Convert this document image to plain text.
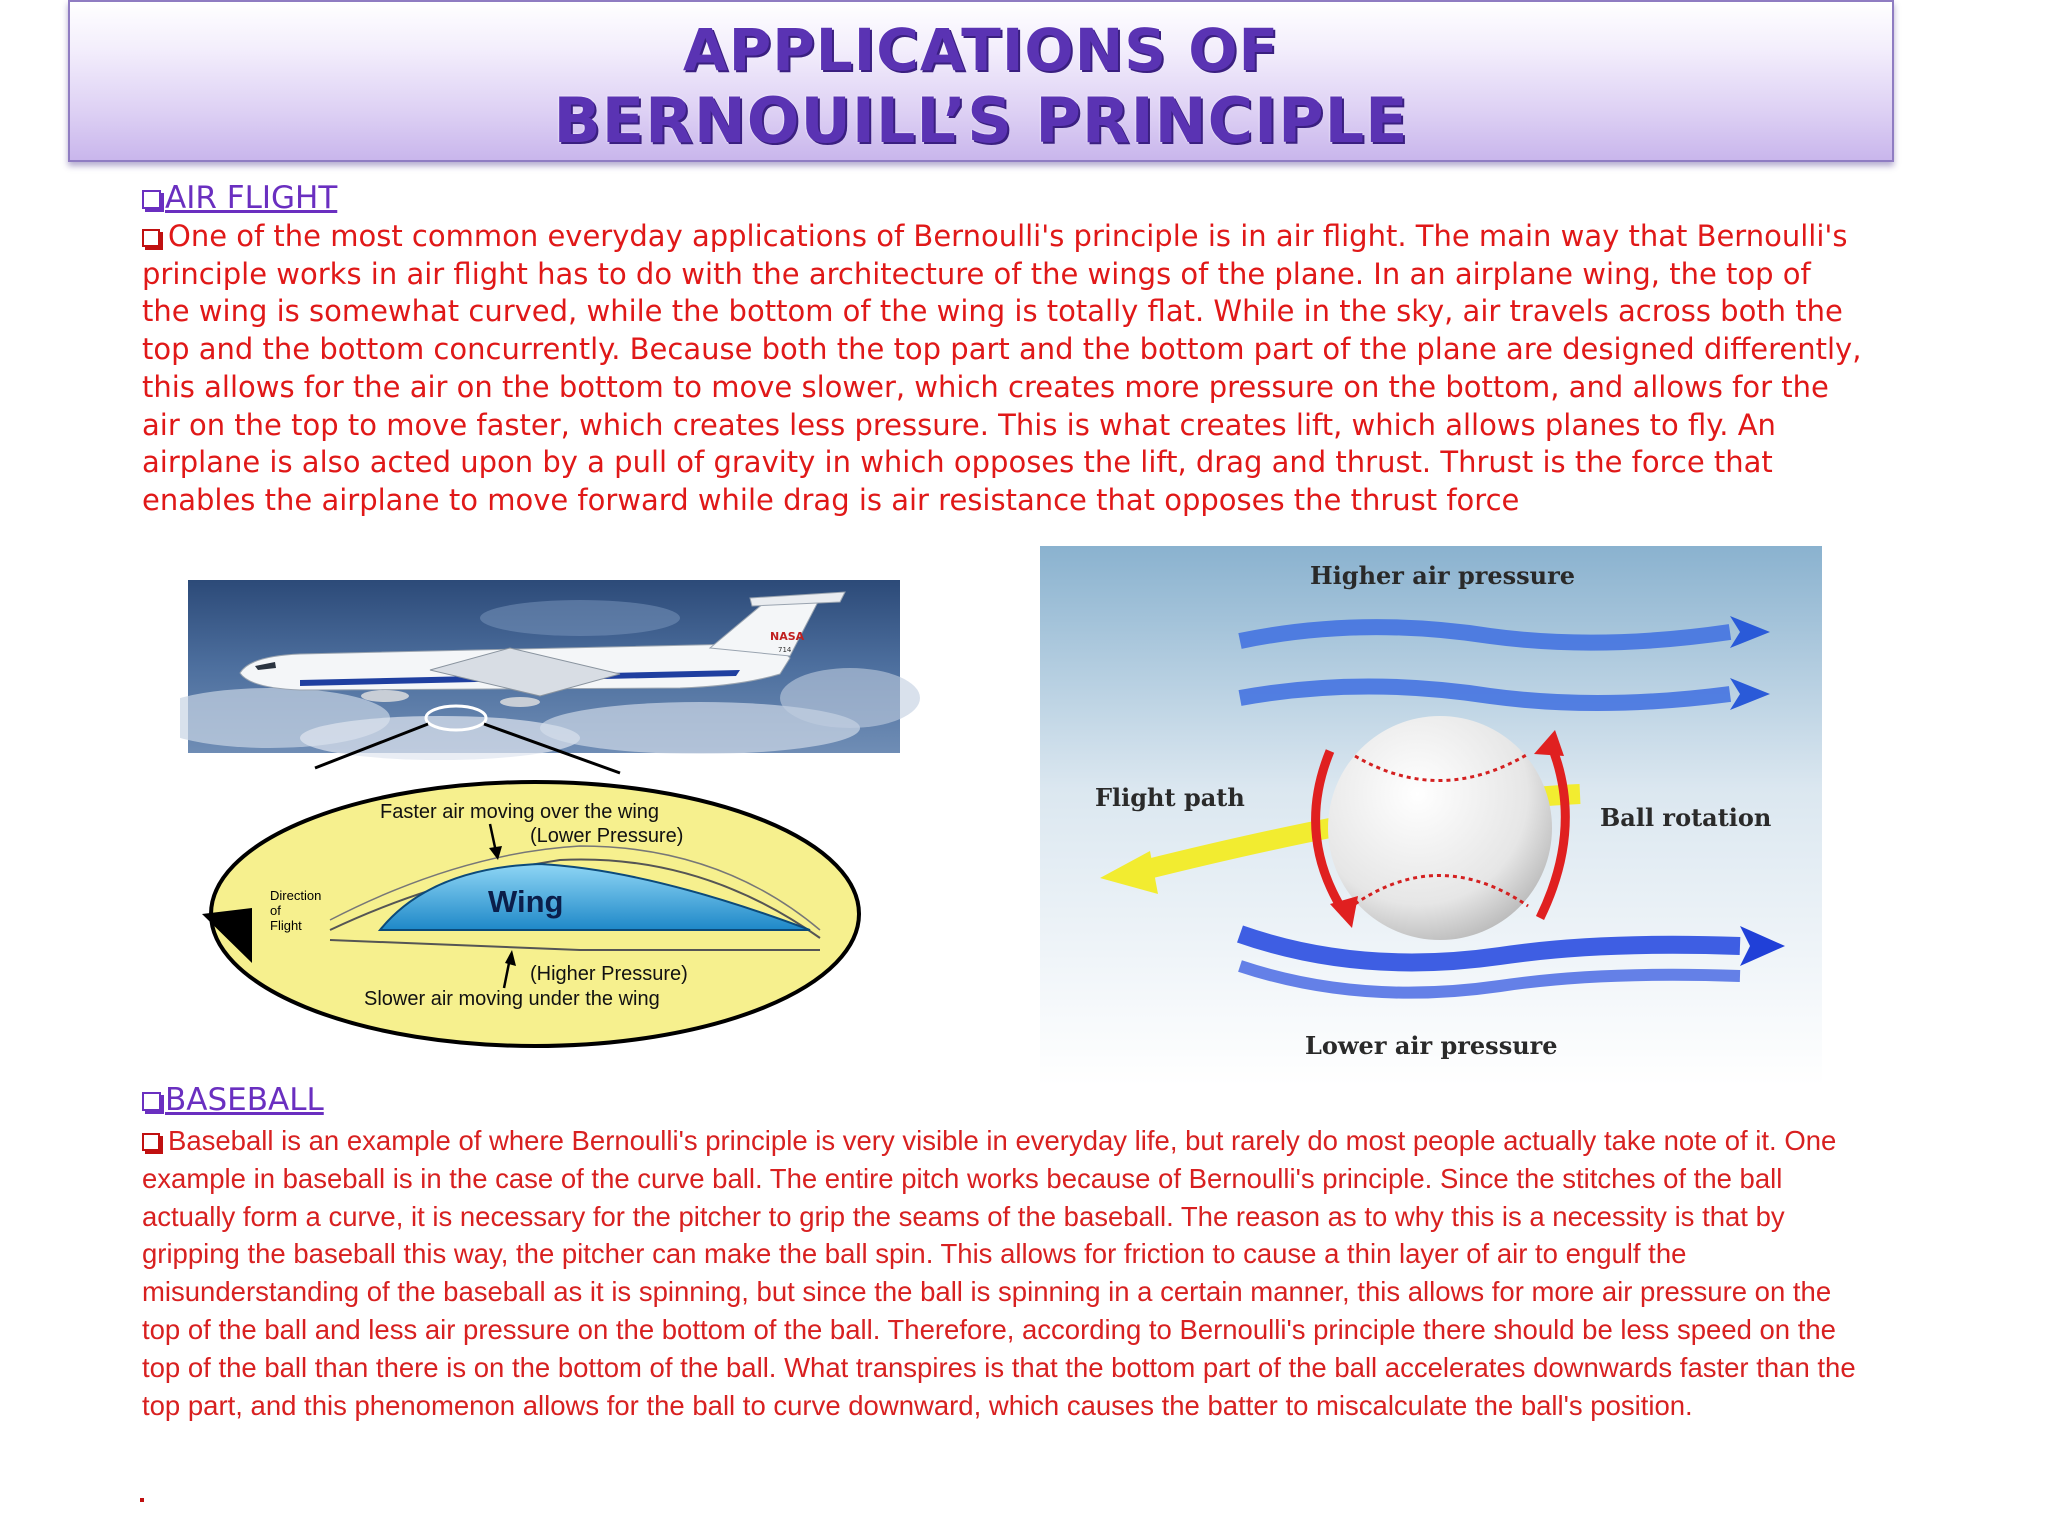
APPLICATIONS OF
BERNOUILL’S PRINCIPLE
AIR FLIGHT
One of the most common everyday applications of Bernoulli's principle is in air flight. The main way that Bernoulli's principle works in air flight has to do with the architecture of the wings of the plane. In an airplane wing, the top of the wing is somewhat curved, while the bottom of the wing is totally flat. While in the sky, air travels across both the top and the bottom concurrently. Because both the top part and the bottom part of the plane are designed differently, this allows for the air on the bottom to move slower, which creates more pressure on the bottom, and allows for the air on the top to move faster, which creates less pressure. This is what creates lift, which allows planes to fly. An airplane is also acted upon by a pull of gravity in which opposes the lift, drag and thrust. Thrust is the force that enables the airplane to move forward while drag is air resistance that opposes the thrust force
NASA
714
Direction
of
Flight
Faster air moving over the wing
(Lower Pressure)
Wing
(Higher Pressure)
Slower air moving under the wing
Higher air pressure
Flight path
Ball rotation
Lower air pressure
BASEBALL
Baseball is an example of where Bernoulli's principle is very visible in everyday life, but rarely do most people actually take note of it. One example in baseball is in the case of the curve ball. The entire pitch works because of Bernoulli's principle. Since the stitches of the ball actually form a curve, it is necessary for the pitcher to grip the seams of the baseball. The reason as to why this is a necessity is that by gripping the baseball this way, the pitcher can make the ball spin. This allows for friction to cause a thin layer of air to engulf the misunderstanding of the baseball as it is spinning, but since the ball is spinning in a certain manner, this allows for more air pressure on the top of the ball and less air pressure on the bottom of the ball. Therefore, according to Bernoulli's principle there should be less speed on the top of the ball than there is on the bottom of the ball. What transpires is that the bottom part of the ball accelerates downwards faster than the top part, and this phenomenon allows for the ball to curve downward, which causes the batter to miscalculate the ball's position.
